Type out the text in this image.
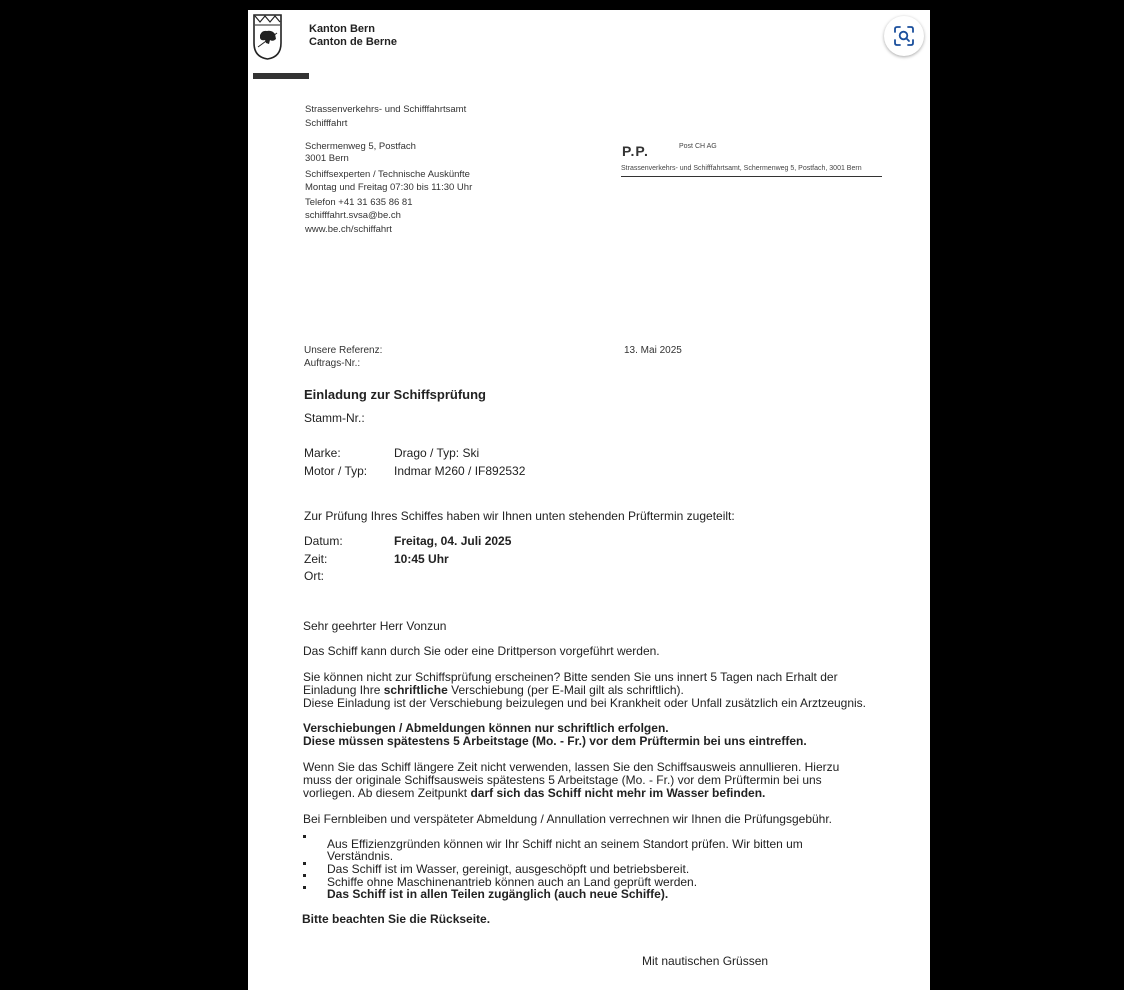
Kanton Bern
Canton de Berne
Strassenverkehrs- und Schifffahrtsamt
Schifffahrt
Schermenweg 5, Postfach
3001 Bern
Schiffsexperten / Technische Auskünfte
Montag und Freitag 07:30 bis 11:30 Uhr
Telefon +41 31 635 86 81
schifffahrt.svsa@be.ch
www.be.ch/schiffahrt
P.P.	Post CH AG
Strassenverkehrs- und Schifffahrtsamt, Schermenweg 5, Postfach, 3001 Bern
Unsere Referenz:
Auftrags-Nr.:
13. Mai 2025
Einladung zur Schiffsprüfung
Stamm-Nr.:
Marke:	Drago / Typ: Ski
Motor / Typ: Indmar M260 / IF892532
Zur Prüfung Ihres Schiffes haben wir Ihnen unten stehenden Prüftermin zugeteilt:
Datum:	Freitag, 04. Juli 2025
Zeit:	10:45 Uhr
Ort:
Sehr geehrter Herr Vonzun
Das Schiff kann durch Sie oder eine Drittperson vorgeführt werden.
Sie können nicht zur Schiffsprüfung erscheinen? Bitte senden Sie uns innert 5 Tagen nach Erhalt der
Einladung Ihre schriftliche Verschiebung (per E-Mail gilt als schriftlich).
Diese Einladung ist der Verschiebung beizulegen und bei Krankheit oder Unfall zusätzlich ein Arztzeugnis.
Verschiebungen / Abmeldungen können nur schriftlich erfolgen.
Diese müssen spätestens 5 Arbeitstage (Mo. - Fr.) vor dem Prüftermin bei uns eintreffen.
Wenn Sie das Schiff längere Zeit nicht verwenden, lassen Sie den Schiffsausweis annullieren. Hierzu
muss der originale Schiffsausweis spätestens 5 Arbeitstage (Mo. - Fr.) vor dem Prüftermin bei uns
vorliegen. Ab diesem Zeitpunkt darf sich das Schiff nicht mehr im Wasser befinden.
Bei Fernbleiben und verspäteter Abmeldung / Annullation verrechnen wir Ihnen die Prüfungsgebühr.
Aus Effizienzgründen können wir Ihr Schiff nicht an seinem Standort prüfen. Wir bitten um
Verständnis.
Das Schiff ist im Wasser, gereinigt, ausgeschöpft und betriebsbereit.
Schiffe ohne Maschinenantrieb können auch an Land geprüft werden.
Das Schiff ist in allen Teilen zugänglich (auch neue Schiffe).
Bitte beachten Sie die Rückseite.
Mit nautischen Grüssen
